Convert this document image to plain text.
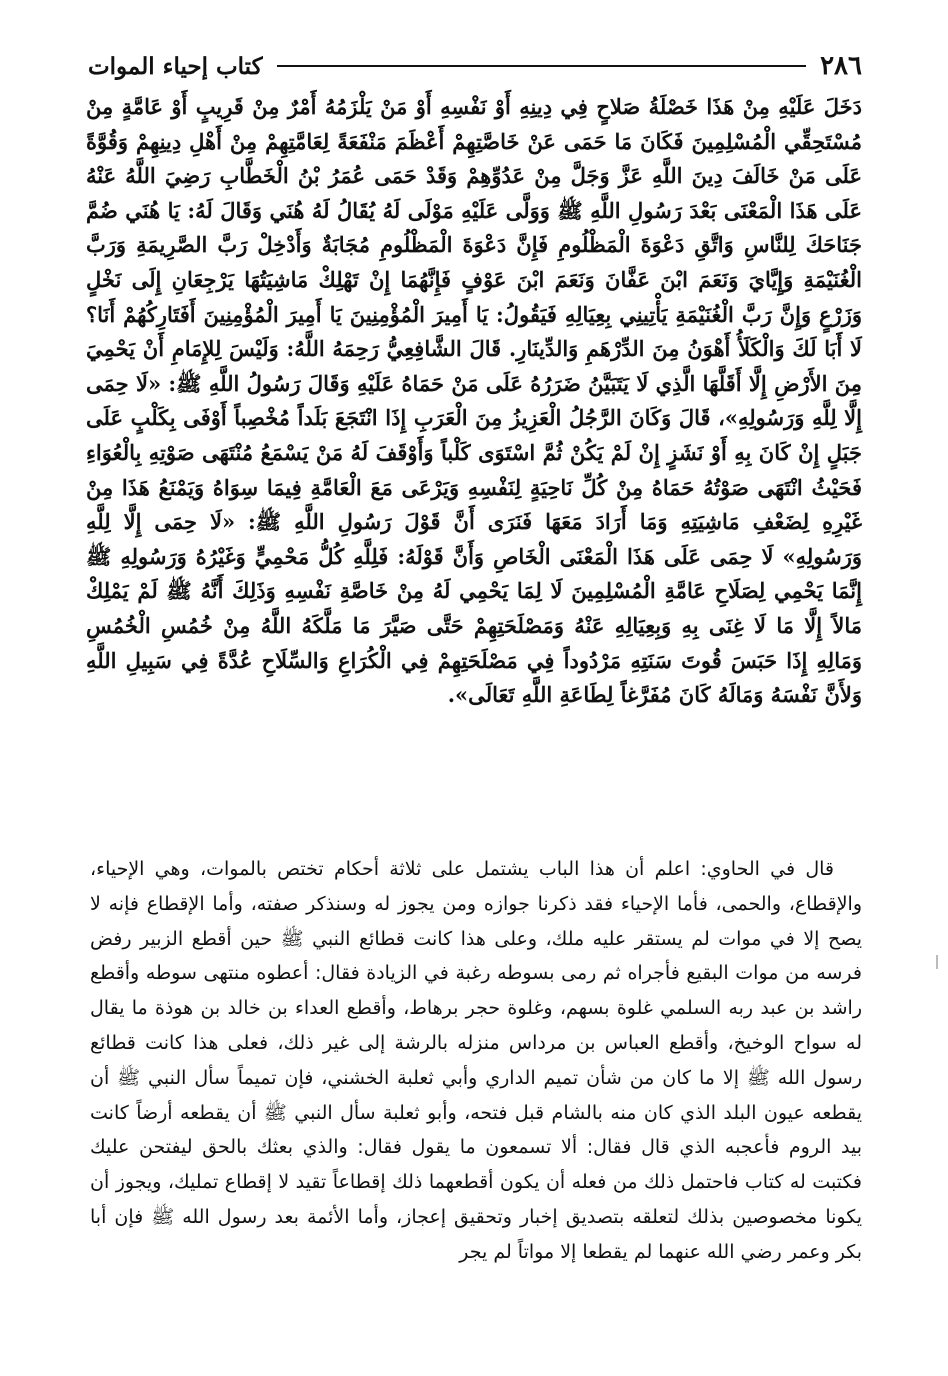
٢٨٦
كتاب إحياء الموات

دَخَلَ عَلَيْهِ مِنْ هَذَا خَصْلَةُ صَلاحٍ فِي دِينِهِ أَوْ نَفْسِهِ أَوْ مَنْ يَلْزَمُهُ أَمْرٌ مِنْ قَرِيبٍ أَوْ عَامَّةٍ مِنْ مُسْتَحِقِّي الْمُسْلِمِينَ فَكَانَ مَا حَمَى عَنْ خَاصَّتِهِمْ أَعْظَمَ مَنْفَعَةً لِعَامَّتِهِمْ مِنْ أَهْلِ دِينِهِمْ وَقُوَّةً عَلَى مَنْ خَالَفَ دِينَ اللَّهِ عَزَّ وَجَلَّ مِنْ عَدُوِّهِمْ وَقَدْ حَمَى عُمَرُ بْنُ الْخَطَّابِ رَضِيَ اللَّهُ عَنْهُ عَلَى هَذَا الْمَعْنَى بَعْدَ رَسُولِ اللَّهِ ﷺ وَوَلَّى عَلَيْهِ مَوْلَى لَهُ يُقَالُ لَهُ هُنَي وَقَالَ لَهُ: يَا هُنَي ضُمَّ جَنَاحَكَ لِلنَّاسِ وَاتَّقِ دَعْوَةَ الْمَظْلُومِ فَإِنَّ دَعْوَةَ الْمَظْلُومِ مُجَابَةٌ وَأَدْخِلْ رَبَّ الصَّرِيمَةِ وَرَبَّ الْغُنَيْمَةِ وَإِيَّايَ وَنَعَمَ ابْنَ عَفَّانَ وَنَعَمَ ابْنَ عَوْفٍ فَإِنَّهُمَا إِنْ تَهْلِكْ مَاشِيَتُهَا يَرْجِعَانِ إِلَى نَخْلٍ وَزَرْعٍ وَإِنَّ رَبَّ الْغُنَيْمَةِ يَأْتِينِي بِعِيَالِهِ فَيَقُولُ: يَا أَمِيرَ الْمُؤْمِنِينَ يَا أَمِيرَ الْمُؤْمِنِينَ أَفَتَارِكُهُمْ أَنَا؟ لَا أَبَا لَكَ وَالْكَلَأُ أَهْوَنُ مِنَ الدِّرْهَمِ وَالدِّينَارِ. قَالَ الشَّافِعِيُّ رَحِمَهُ اللَّهُ: وَلَيْسَ لِلإِمَامِ أَنْ يَحْمِيَ مِنَ الأَرْضِ إِلَّا أَقَلَّهَا الَّذِي لَا يَتَبَيَّنُ ضَرَرُهُ عَلَى مَنْ حَمَاهُ عَلَيْهِ وَقَالَ رَسُولُ اللَّهِ ﷺ: «لَا حِمَى إِلَّا لِلَّهِ وَرَسُولِهِ»، قَالَ وَكَانَ الرَّجُلُ الْعَزِيزُ مِنَ الْعَرَبِ إِذَا انْتَجَعَ بَلَداً مُخْصِباً أَوْفَى بِكَلْبٍ عَلَى جَبَلٍ إِنْ كَانَ بِهِ أَوْ نَشَزٍ إِنْ لَمْ يَكُنْ ثُمَّ اسْتَوَى كَلْباً وَأَوْقَفَ لَهُ مَنْ يَسْمَعُ مُنْتَهَى صَوْتِهِ بِالْعُوَاءِ فَحَيْثُ انْتَهَى صَوْتُهُ حَمَاهُ مِنْ كُلِّ نَاحِيَةٍ لِنَفْسِهِ وَيَرْعَى مَعَ الْعَامَّةِ فِيمَا سِوَاهُ وَيَمْنَعُ هَذَا مِنْ غَيْرِهِ لِضَعْفِ مَاشِيَتِهِ وَمَا أَرَادَ مَعَهَا فَنَرَى أَنَّ قَوْلَ رَسُولِ اللَّهِ ﷺ: «لَا حِمَى إِلَّا لِلَّهِ وَرَسُولِهِ» لَا حِمَى عَلَى هَذَا الْمَعْنَى الْخَاصِ وَأَنَّ قَوْلَهُ: فَلِلَّهِ كُلُّ مَحْمِيٍّ وَغَيْرُهُ وَرَسُولِهِ ﷺ إِنَّمَا يَحْمِي لِصَلَاحِ عَامَّةِ الْمُسْلِمِينَ لَا لِمَا يَحْمِي لَهُ مِنْ خَاصَّةِ نَفْسِهِ وَذَلِكَ أَنَّهُ ﷺ لَمْ يَمْلِكْ مَالاً إِلَّا مَا لَا غِنَى بِهِ وَبِعِيَالِهِ عَنْهُ وَمَصْلَحَتِهِمْ حَتَّى صَيَّرَ مَا مَلَّكَهُ اللَّهُ مِنْ خُمُسِ الْخُمُسِ وَمَالِهِ إِذَا حَبَسَ قُوتَ سَنَتِهِ مَرْدُوداً فِي مَصْلَحَتِهِمْ فِي الْكُرَاعِ وَالسِّلَاحِ عُدَّةً فِي سَبِيلِ اللَّهِ وَلأَنَّ نَفْسَهُ وَمَالَهُ كَانَ مُفَرَّغاً لِطَاعَةِ اللَّهِ تَعَالَى».

قال في الحاوي: اعلم أن هذا الباب يشتمل على ثلاثة أحكام تختص بالموات، وهي الإحياء، والإقطاع، والحمى، فأما الإحياء فقد ذكرنا جوازه ومن يجوز له وسنذكر صفته، وأما الإقطاع فإنه لا يصح إلا في موات لم يستقر عليه ملك، وعلى هذا كانت قطائع النبي ﷺ حين أقطع الزبير رفض فرسه من موات البقيع فأجراه ثم رمى بسوطه رغبة في الزيادة فقال: أعطوه منتهى سوطه وأقطع راشد بن عبد ربه السلمي غلوة بسهم، وغلوة حجر برهاط، وأقطع العداء بن خالد بن هوذة ما يقال له سواح الوخيخ، وأقطع العباس بن مرداس منزله بالرشة إلى غير ذلك، فعلى هذا كانت قطائع رسول الله ﷺ إلا ما كان من شأن تميم الداري وأبي ثعلبة الخشني، فإن تميماً سأل النبي ﷺ أن يقطعه عيون البلد الذي كان منه بالشام قبل فتحه، وأبو ثعلبة سأل النبي ﷺ أن يقطعه أرضاً كانت بيد الروم فأعجبه الذي قال فقال: ألا تسمعون ما يقول فقال: والذي بعثك بالحق ليفتحن عليك فكتبت له كتاب فاحتمل ذلك من فعله أن يكون أقطعهما ذلك إقطاعاً تقيد لا إقطاع تمليك، ويجوز أن يكونا مخصوصين بذلك لتعلقه بتصديق إخبار وتحقيق إعجاز، وأما الأئمة بعد رسول الله ﷺ فإن أبا بكر وعمر رضي الله عنهما لم يقطعا إلا مواتاً لم يجر
